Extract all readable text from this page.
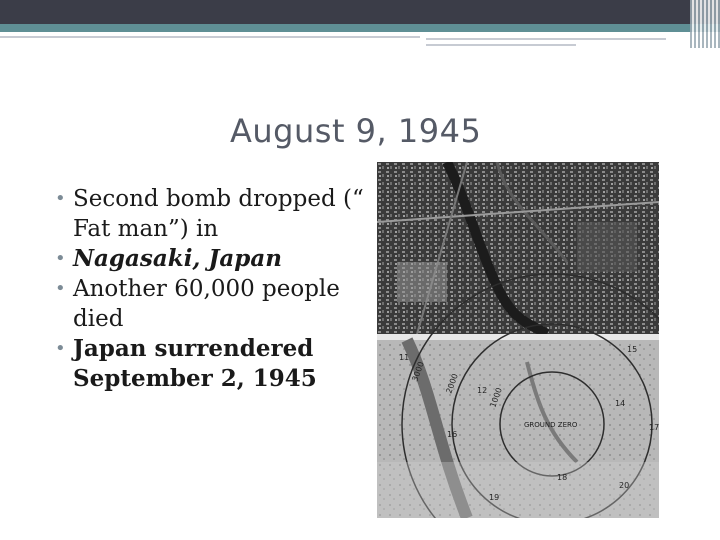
August 9, 1945
• Second bomb dropped (“ Fat man”) in
• Nagasaki, Japan
• Another 60,000 people died
• Japan surrendered September 2, 1945
GROUND ZERO
3000
2000
1000
12
15
14
17
16
20
19
18
11
